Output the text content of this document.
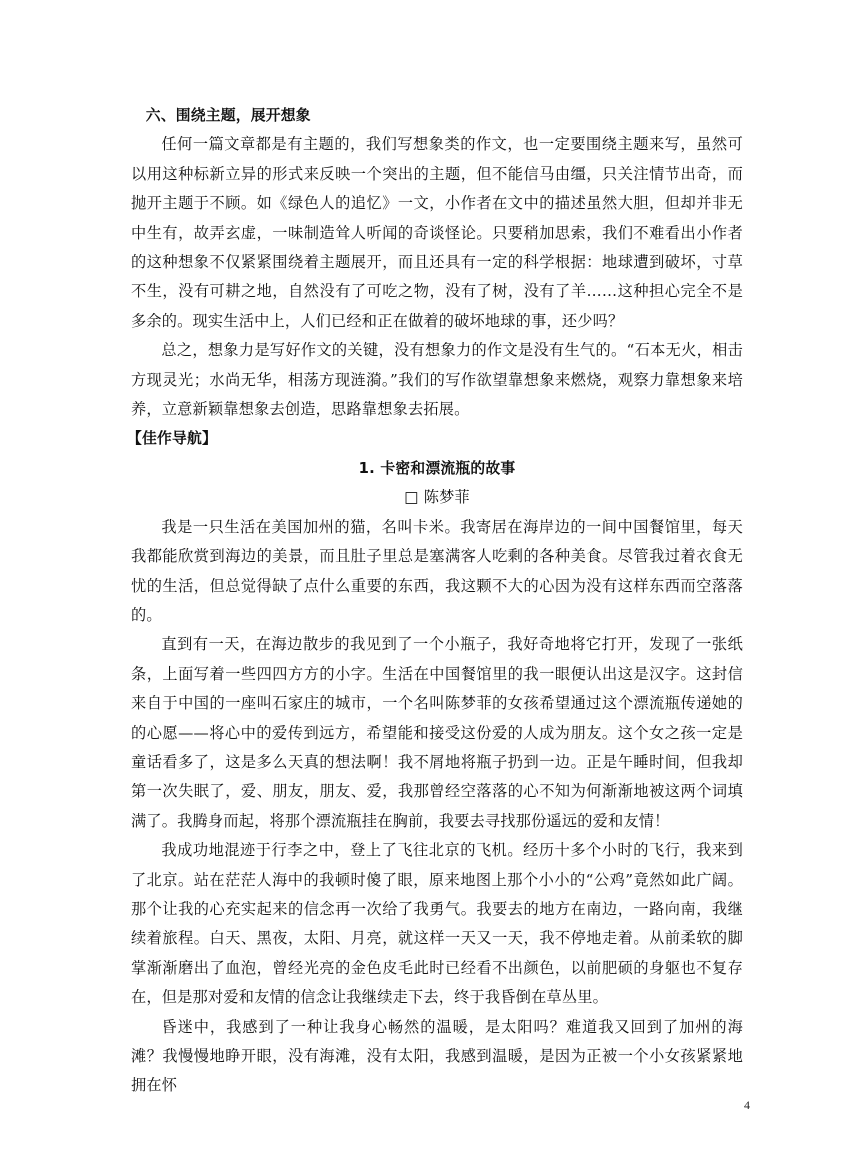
六、围绕主题，展开想象

任何一篇文章都是有主题的，我们写想象类的作文，也一定要围绕主题来写，虽然可以用这种标新立异的形式来反映一个突出的主题，但不能信马由缰，只关注情节出奇，而抛开主题于不顾。如《绿色人的追忆》一文，小作者在文中的描述虽然大胆，但却并非无中生有，故弄玄虚，一味制造耸人听闻的奇谈怪论。只要稍加思索，我们不难看出小作者的这种想象不仅紧紧围绕着主题展开，而且还具有一定的科学根据：地球遭到破坏，寸草不生，没有可耕之地，自然没有了可吃之物，没有了树，没有了羊……这种担心完全不是多余的。现实生活中上，人们已经和正在做着的破坏地球的事，还少吗？

总之，想象力是写好作文的关键，没有想象力的作文是没有生气的。“石本无火，相击方现灵光；水尚无华，相荡方现涟漪。”我们的写作欲望靠想象来燃烧，观察力靠想象来培养，立意新颖靠想象去创造，思路靠想象去拓展。

【佳作导航】

1. 卡密和漂流瓶的故事

□ 陈梦菲

我是一只生活在美国加州的猫，名叫卡米。我寄居在海岸边的一间中国餐馆里，每天我都能欣赏到海边的美景，而且肚子里总是塞满客人吃剩的各种美食。尽管我过着衣食无忧的生活，但总觉得缺了点什么重要的东西，我这颗不大的心因为没有这样东西而空落落的。

直到有一天，在海边散步的我见到了一个小瓶子，我好奇地将它打开，发现了一张纸条，上面写着一些四四方方的小字。生活在中国餐馆里的我一眼便认出这是汉字。这封信来自于中国的一座叫石家庄的城市，一个名叫陈梦菲的女孩希望通过这个漂流瓶传递她的的心愿——将心中的爱传到远方，希望能和接受这份爱的人成为朋友。这个女之孩一定是童话看多了，这是多么天真的想法啊！我不屑地将瓶子扔到一边。正是午睡时间，但我却第一次失眠了，爱、朋友，朋友、爱，我那曾经空落落的心不知为何渐渐地被这两个词填满了。我腾身而起，将那个漂流瓶挂在胸前，我要去寻找那份遥远的爱和友情！

我成功地混迹于行李之中，登上了飞往北京的飞机。经历十多个小时的飞行，我来到了北京。站在茫茫人海中的我顿时傻了眼，原来地图上那个小小的“公鸡”竟然如此广阔。那个让我的心充实起来的信念再一次给了我勇气。我要去的地方在南边，一路向南，我继续着旅程。白天、黑夜，太阳、月亮，就这样一天又一天，我不停地走着。从前柔软的脚掌渐渐磨出了血泡，曾经光亮的金色皮毛此时已经看不出颜色，以前肥硕的身躯也不复存在，但是那对爱和友情的信念让我继续走下去，终于我昏倒在草丛里。

昏迷中，我感到了一种让我身心畅然的温暖，是太阳吗？难道我又回到了加州的海滩？我慢慢地睁开眼，没有海滩，没有太阳，我感到温暖，是因为正被一个小女孩紧紧地拥在怀

4
